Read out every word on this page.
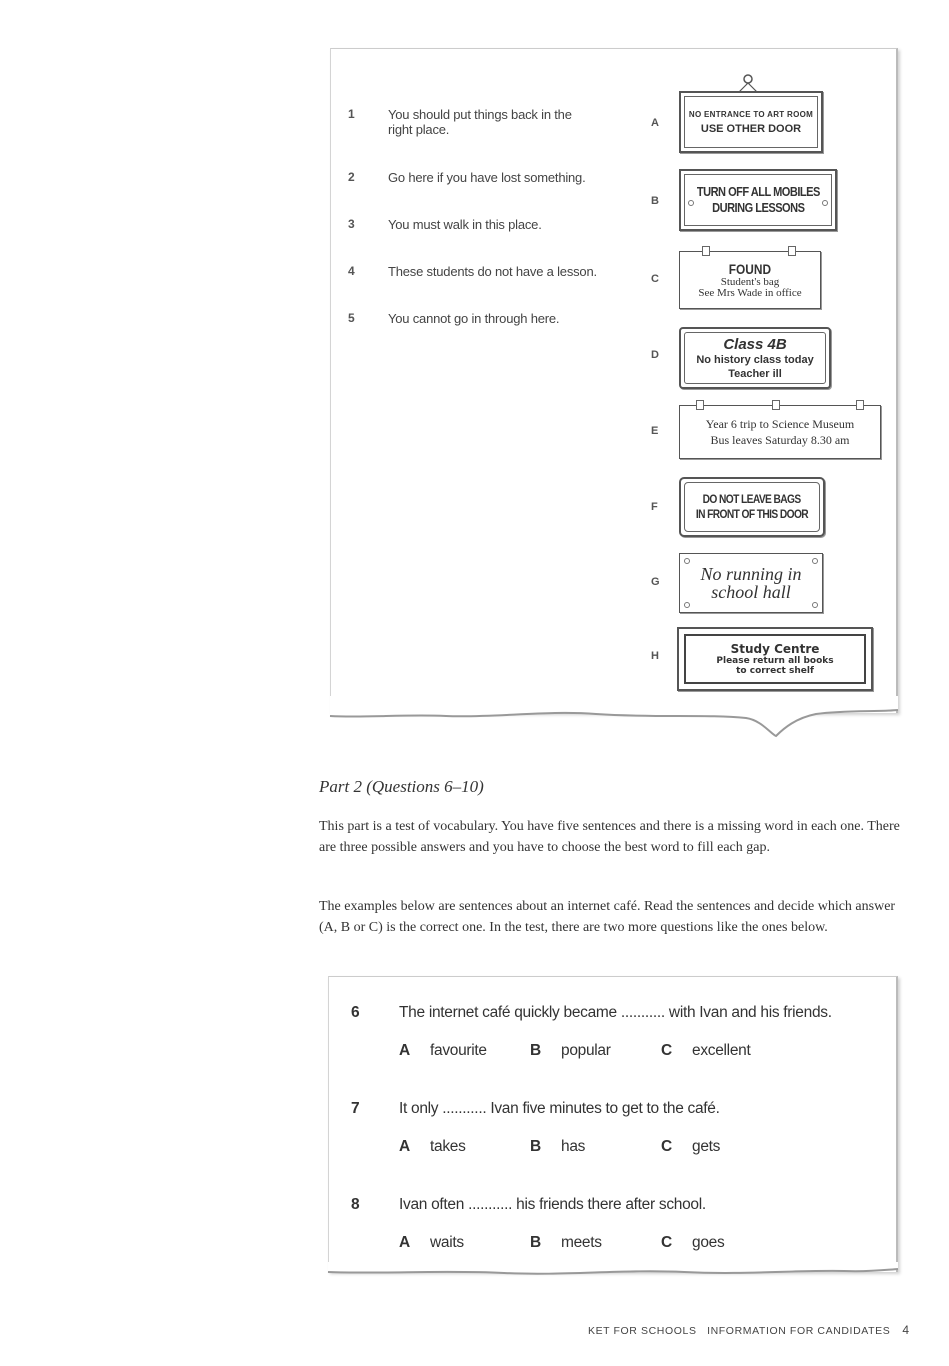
1	You should put things back in the right place.
2	Go here if you have lost something.
3	You must walk in this place.
4	These students do not have a lesson.
5	You cannot go in through here.
A
NO ENTRANCE TO ART ROOM
USE OTHER DOOR
B
TURN OFF ALL MOBILES
DURING LESSONS
C
FOUND
Student's bag
See Mrs Wade in office
D
Class 4B
No history class today
Teacher ill
E	Year 6 trip to Science Museum
Bus leaves Saturday 8.30 am
F
DO NOT LEAVE BAGS
IN FRONT OF THIS DOOR
G No running in
school hall
H	Study Centre
Please return all books
to correct shelf
Part 2 (Questions 6–10)
This part is a test of vocabulary. You have five sentences and there is a missing word in each one. There are three possible answers and you have to choose the best word to fill each gap.
The examples below are sentences about an internet café. Read the sentences and decide which answer (A, B or C) is the correct one. In the test, there are two more questions like the ones below.
6	The internet café quickly became ........... with Ivan and his friends.
A favourite	B popular	C excellent
7	It only ........... Ivan five minutes to get to the café.
A takes	B has	C gets
8	Ivan often ........... his friends there after school.
A waits	B meets	C goes
KET FOR SCHOOLS   INFORMATION FOR CANDIDATES 4
